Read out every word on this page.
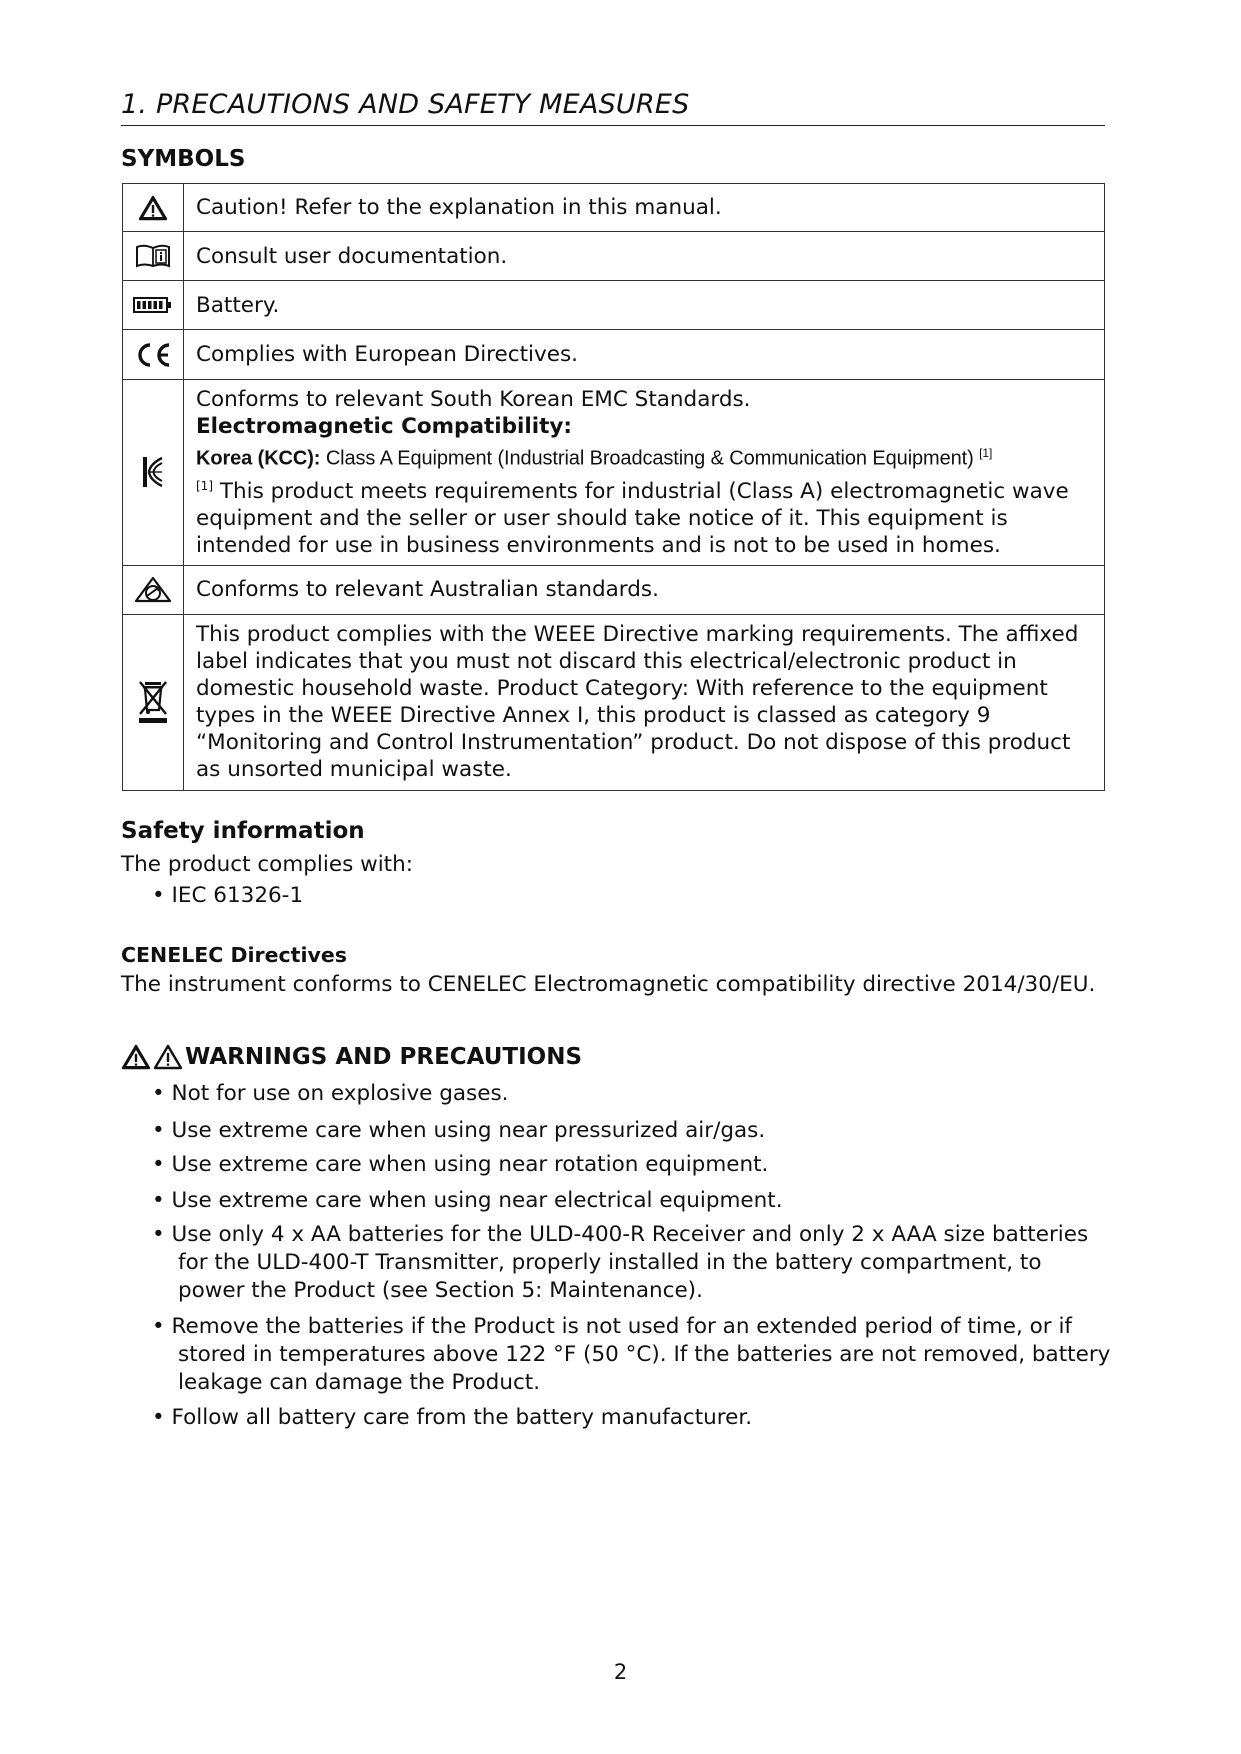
1. PRECAUTIONS AND SAFETY MEASURES
SYMBOLS
	Caution! Refer to the explanation in this manual.

	Consult user documentation.

	Battery.

	Complies with European Directives.

Conforms to relevant South Korean EMC Standards.
Electromagnetic Compatibility:
Korea (KCC): Class A Equipment (Industrial Broadcasting & Communication Equipment) [1]
[1] This product meets requirements for industrial (Class A) electromagnetic wave equipment and the seller or user should take notice of it. This equipment is intended for use in business environments and is not to be used in homes.

	Conforms to relevant Australian standards.

	This product complies with the WEEE Directive marking requirements. The affixed label indicates that you must not discard this electrical/electronic product in domestic household waste. Product Category: With reference to the equipment types in the WEEE Directive Annex I, this product is classed as category 9 “Monitoring and Control Instrumentation” product. Do not dispose of this product as unsorted municipal waste.
Safety information
The product complies with:
• IEC 61326-1
CENELEC Directives
The instrument conforms to CENELEC Electromagnetic compatibility directive 2014/30/EU.
WARNINGS AND PRECAUTIONS
• Not for use on explosive gases.
• Use extreme care when using near pressurized air/gas.
• Use extreme care when using near rotation equipment.
• Use extreme care when using near electrical equipment.
• Use only 4 x AA batteries for the ULD-400-R Receiver and only 2 x AAA size batteries
for the ULD-400-T Transmitter, properly installed in the battery compartment, to power the Product (see Section 5: Maintenance).
• Remove the batteries if the Product is not used for an extended period of time, or if
stored in temperatures above 122 °F (50 °C). If the batteries are not removed, battery leakage can damage the Product.
• Follow all battery care from the battery manufacturer.
2
